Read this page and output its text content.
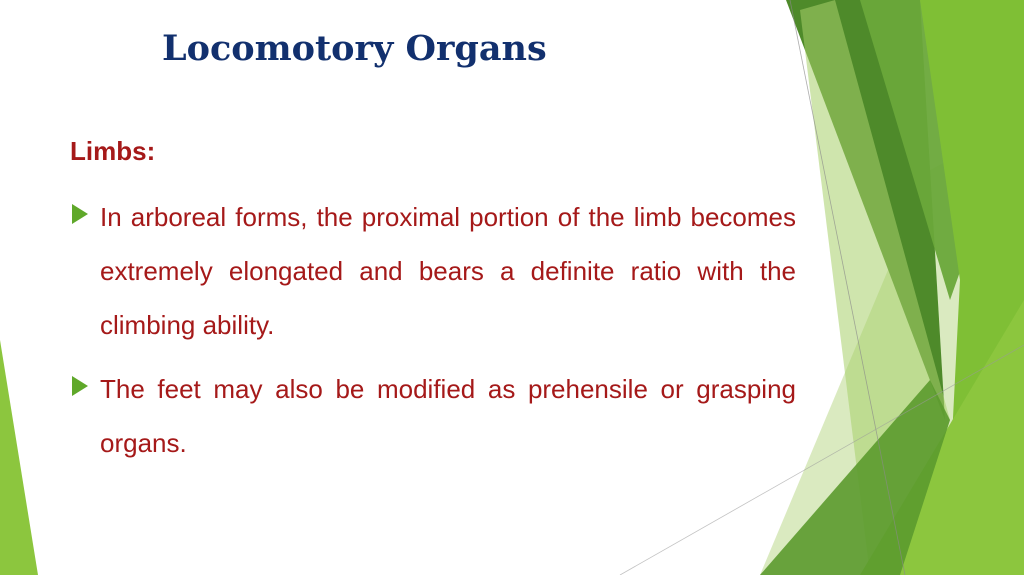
Locomotory Organs
Limbs:
In arboreal forms, the proximal portion of the limb becomes extremely elongated and bears a definite ratio with the climbing ability.
The feet may also be modified as prehensile or grasping organs.
